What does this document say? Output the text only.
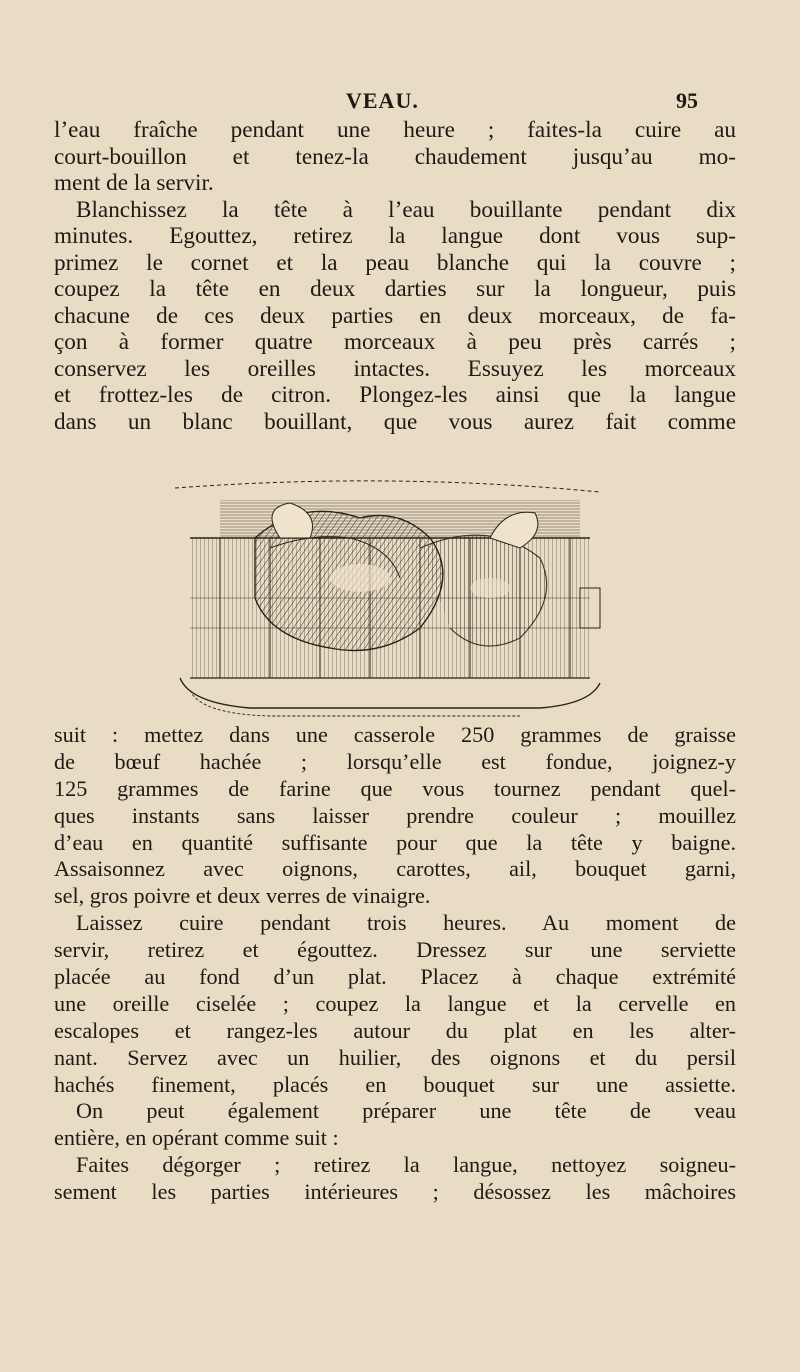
VEAU.	95
l’eau fraîche pendant une heure ; faites-la cuire au
court-bouillon et tenez-la chaudement jusqu’au mo-
ment de la servir.
Blanchissez la tête à l’eau bouillante pendant dix
minutes. Egouttez, retirez la langue dont vous sup-
primez le cornet et la peau blanche qui la couvre ;
coupez la tête en deux darties sur la longueur, puis
chacune de ces deux parties en deux morceaux, de fa-
çon à former quatre morceaux à peu près carrés ;
conservez les oreilles intactes. Essuyez les morceaux
et frottez-les de citron. Plongez-les ainsi que la langue
dans un blanc bouillant, que vous aurez fait comme
suit : mettez dans une casserole 250 grammes de graisse
de bœuf hachée ; lorsqu’elle est fondue, joignez-y
125 grammes de farine que vous tournez pendant quel-
ques instants sans laisser prendre couleur ; mouillez
d’eau en quantité suffisante pour que la tête y baigne.
Assaisonnez avec oignons, carottes, ail, bouquet garni,
sel, gros poivre et deux verres de vinaigre.
Laissez cuire pendant trois heures. Au moment de
servir, retirez et égouttez. Dressez sur une serviette
placée au fond d’un plat. Placez à chaque extrémité
une oreille ciselée ; coupez la langue et la cervelle en
escalopes et rangez-les autour du plat en les alter-
nant. Servez avec un huilier, des oignons et du persil
hachés finement, placés en bouquet sur une assiette.
On peut également préparer une tête de veau
entière, en opérant comme suit :
Faites dégorger ; retirez la langue, nettoyez soigneu-
sement les parties intérieures ; désossez les mâchoires
